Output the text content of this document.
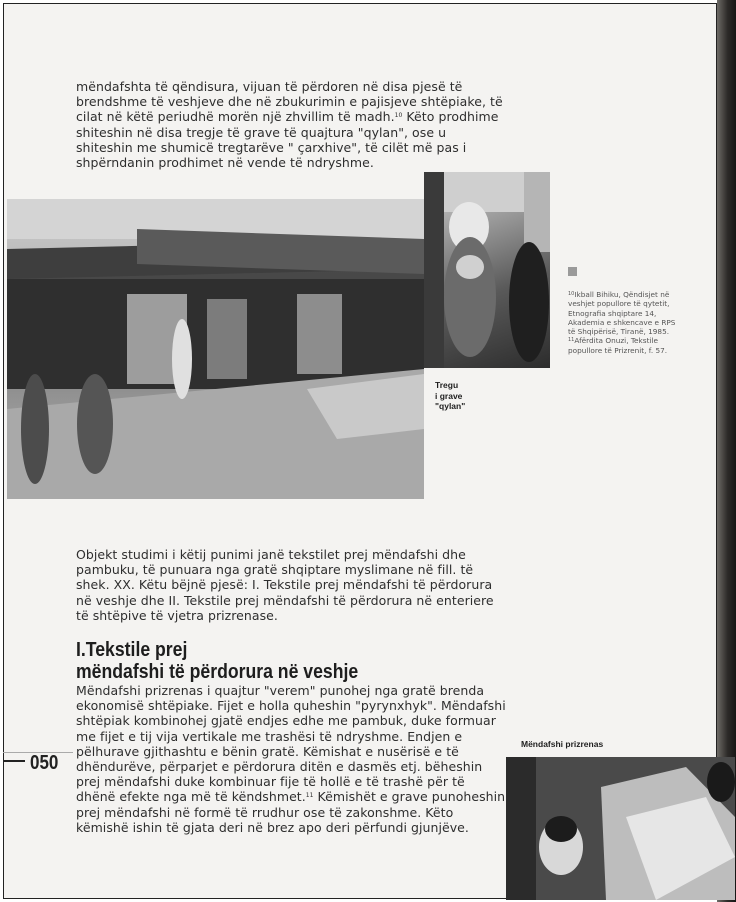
mëndafshta të qëndisura, vijuan të përdoren në disa pjesë të brendshme të veshjeve dhe në zbukurimin e pajisjeve shtëpiake, të cilat në këtë periudhë morën një zhvillim të madh.$^{10}$ Këto prodhime shiteshin në disa tregje të grave të quajtura "qylan", ose u shiteshin me shumicë tregtarëve " çarxhive", të cilët më pas i shpërndanin prodhimet në vende të ndryshme.

Tregu
i grave
"qylan"

$^{10}$Ikball Bihiku, Qëndisjet në veshjet popullore të qytetit, Etnografia shqiptare 14, Akademia e shkencave e RPS të Shqipërisë, Tiranë, 1985.
$^{11}$Afërdita Onuzi, Tekstile popullore të Prizrenit, f. 57.

Objekt studimi i këtij punimi janë tekstilet prej mëndafshi dhe pambuku, të punuara nga gratë shqiptare myslimane në fill. të shek. XX. Këtu bëjnë pjesë: I. Tekstile prej mëndafshi të përdorura në veshje dhe II. Tekstile prej mëndafshi të përdorura në enteriere të shtëpive të vjetra prizrenase.

I.Tekstile prej
mëndafshi të përdorura në veshje

Mëndafshi prizrenas i quajtur "verem" punohej nga gratë brenda ekonomisë shtëpiake. Fijet e holla quheshin "pyrynxhyk". Mëndafshi shtëpiak kombinohej gjatë endjes edhe me pambuk, duke formuar me fijet e tij vija vertikale me trashësi të ndryshme. Endjen e pëlhurave gjithashtu e bënin gratë. Këmishat e nusërisë e të dhëndurëve, përparjet e përdorura ditën e dasmës etj. bëheshin prej mëndafshi duke kombinuar fije të hollë e të trashë për të dhënë efekte nga më të këndshmet.$^{11}$ Këmishët e grave punoheshin prej mëndafshi në formë të rrudhur ose të zakonshme. Këto këmishë ishin të gjata deri në brez apo deri përfundi gjunjëve.

050

Mëndafshi prizrenas
